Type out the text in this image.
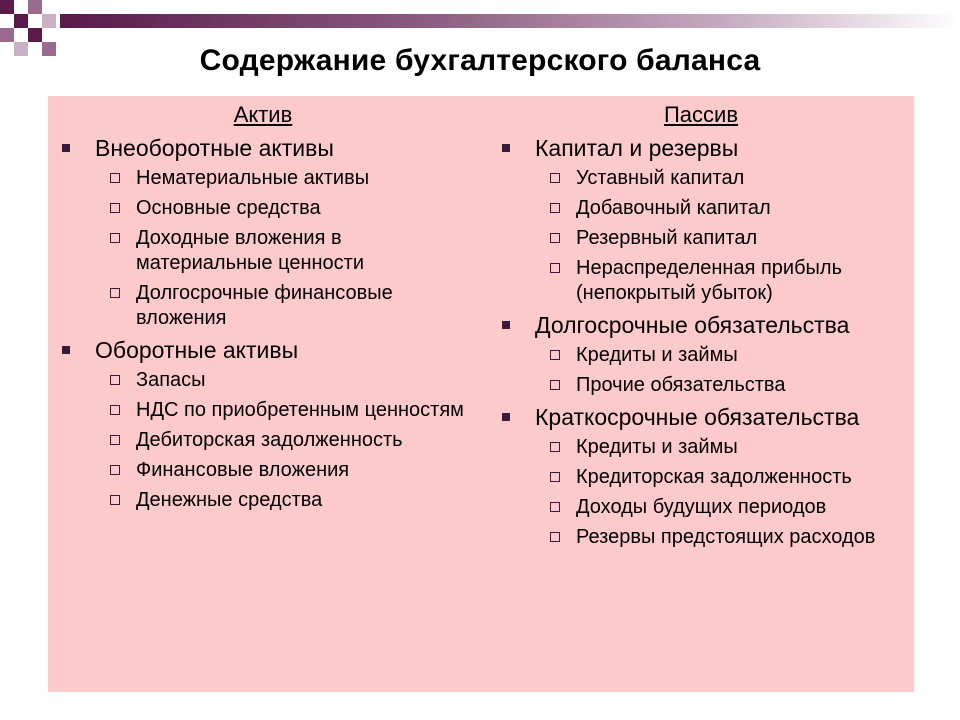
Содержание бухгалтерского баланса
Актив
Внеоборотные активы
Нематериальные активы
Основные средства
Доходные вложения в материальные ценности
Долгосрочные финансовые вложения
Оборотные активы
Запасы
НДС по приобретенным ценностям
Дебиторская задолженность
Финансовые вложения
Денежные средства
Пассив
Капитал и резервы
Уставный капитал
Добавочный капитал
Резервный капитал
Нераспределенная прибыль (непокрытый убыток)
Долгосрочные обязательства
Кредиты и займы
Прочие обязательства
Краткосрочные обязательства
Кредиты и займы
Кредиторская задолженность
Доходы будущих периодов
Резервы предстоящих расходов
